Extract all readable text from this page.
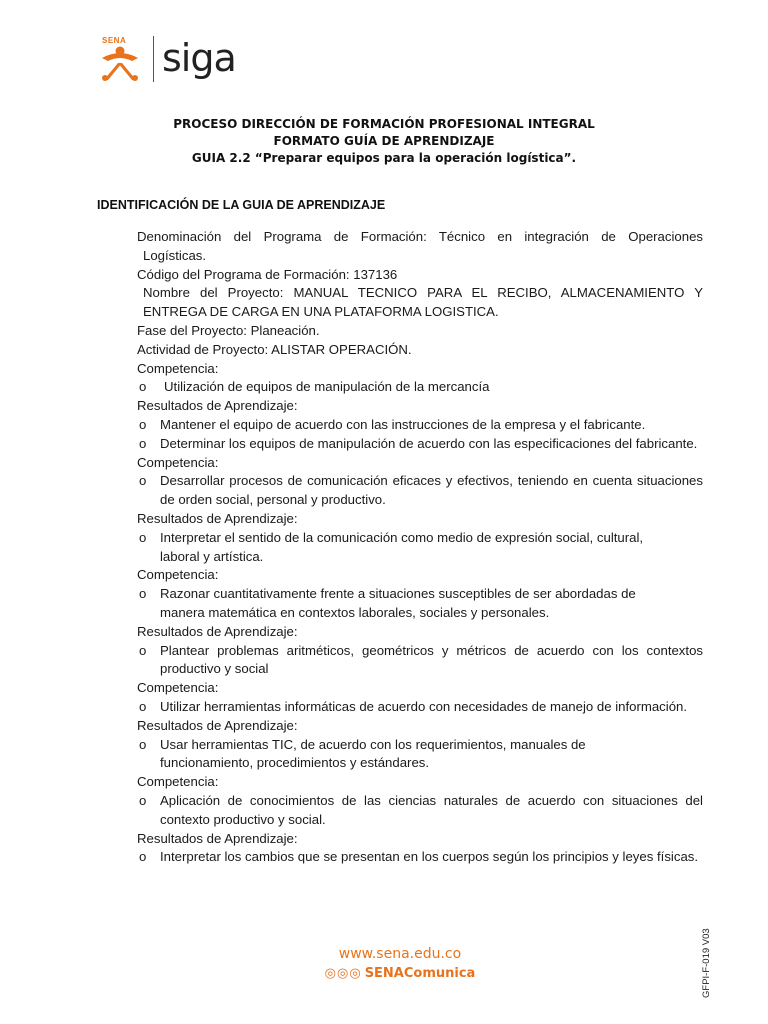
SENA siga
PROCESO DIRECCIÓN DE FORMACIÓN PROFESIONAL INTEGRAL
FORMATO GUÍA DE APRENDIZAJE
GUIA 2.2 “Preparar equipos para la operación logística”.
IDENTIFICACIÓN DE LA GUIA DE APRENDIZAJE
Denominación del Programa de Formación: Técnico en integración de Operaciones
Logísticas.
Código del Programa de Formación: 137136
Nombre del Proyecto: MANUAL TECNICO PARA EL RECIBO, ALMACENAMIENTO Y ENTREGA DE CARGA EN UNA PLATAFORMA LOGISTICA.
Fase del Proyecto: Planeación.
Actividad de Proyecto: ALISTAR OPERACIÓN.
Competencia:
o Utilización de equipos de manipulación de la mercancía
Resultados de Aprendizaje:
o Mantener el equipo de acuerdo con las instrucciones de la empresa y el fabricante.
o Determinar los equipos de manipulación de acuerdo con las especificaciones del fabricante.
Competencia:
o Desarrollar procesos de comunicación eficaces y efectivos, teniendo en cuenta situaciones de orden social, personal y productivo.
Resultados de Aprendizaje:
o Interpretar el sentido de la comunicación como medio de expresión social, cultural, laboral y artística.
Competencia:
o Razonar cuantitativamente frente a situaciones susceptibles de ser abordadas de manera matemática en contextos laborales, sociales y personales.
Resultados de Aprendizaje:
o Plantear problemas aritméticos, geométricos y métricos de acuerdo con los contextos productivo y social
Competencia:
o Utilizar herramientas informáticas de acuerdo con necesidades de manejo de información.
Resultados de Aprendizaje:
o Usar herramientas TIC, de acuerdo con los requerimientos, manuales de funcionamiento, procedimientos y estándares.
Competencia:
o Aplicación de conocimientos de las ciencias naturales de acuerdo con situaciones del contexto productivo y social.
Resultados de Aprendizaje:
o Interpretar los cambios que se presentan en los cuerpos según los principios y leyes físicas.
www.sena.edu.co
◎◎◎ SENAComunica	GFPI-F-019 V03
